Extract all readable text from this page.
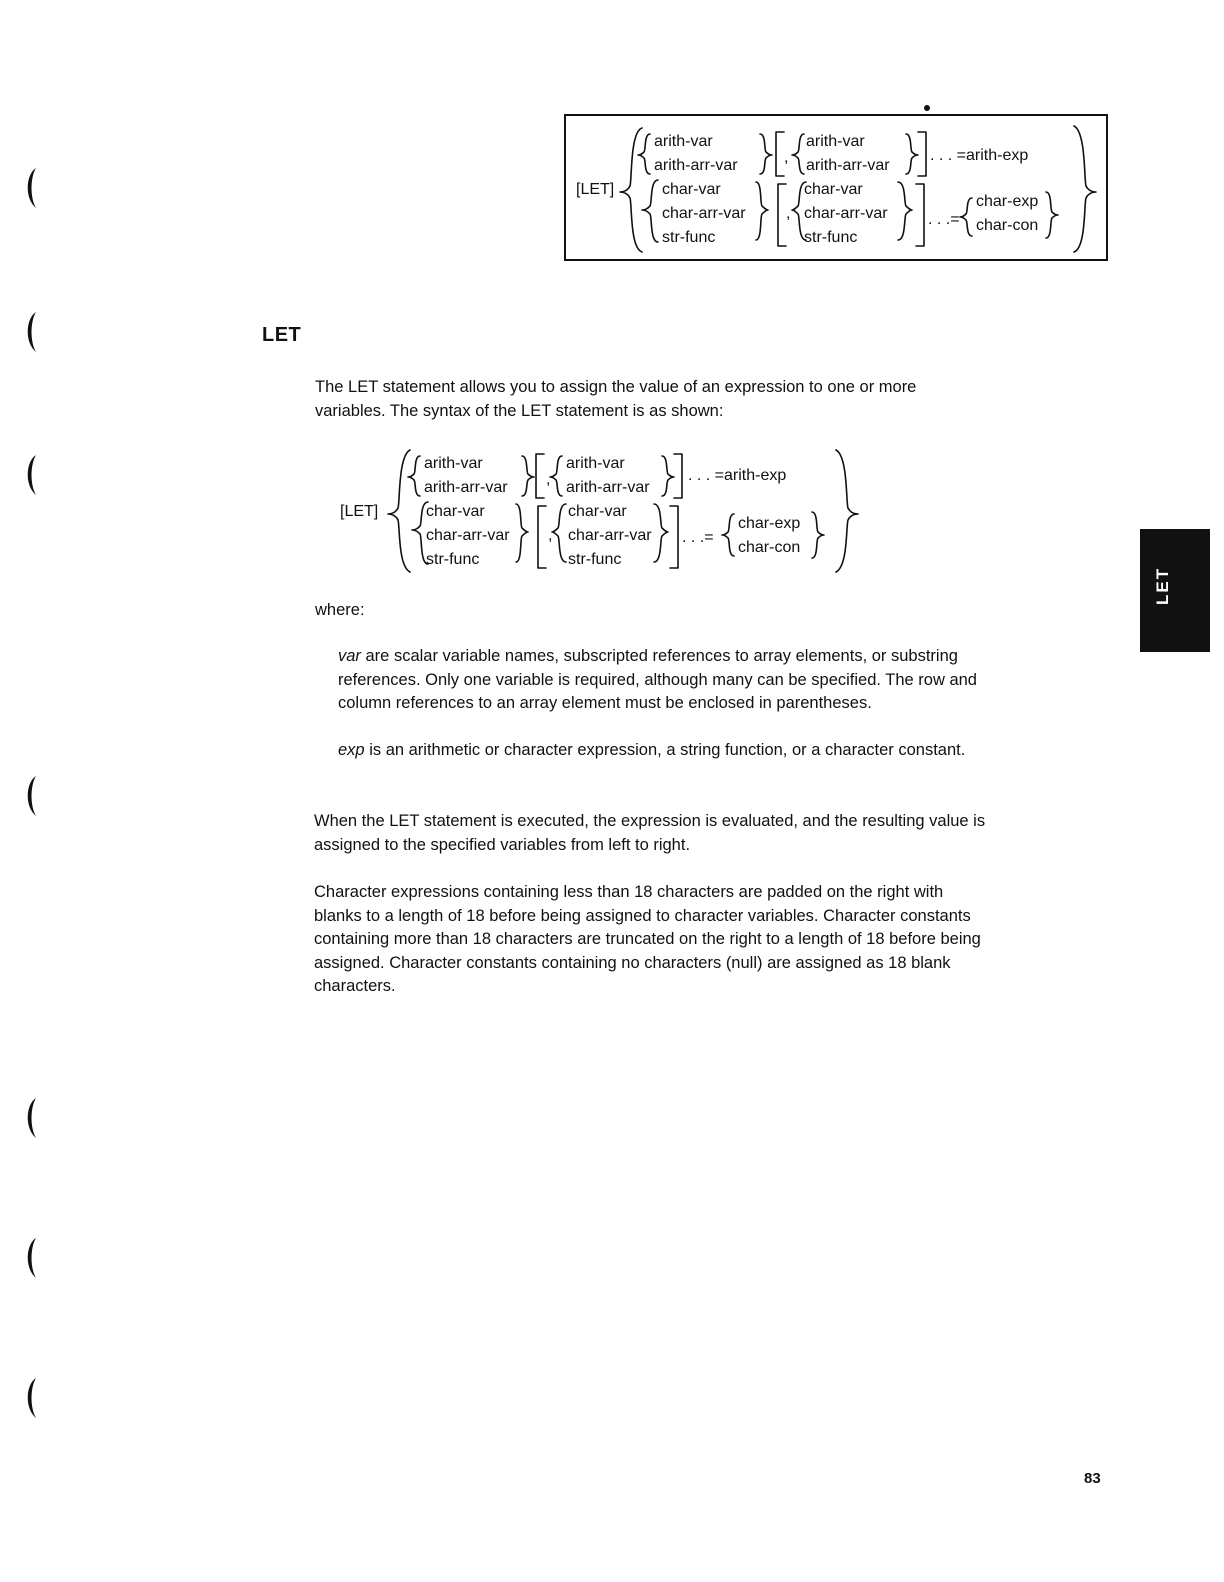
[LET]
arith-var
arith-arr-var
char-var
char-arr-var
str-func
,
arith-var
arith-arr-var
. . . =arith-exp
,
char-var
char-arr-var
str-func
. . .=
char-exp
char-con
LET
The LET statement allows you to assign the value of an expression to one or more variables. The syntax of the LET statement is as shown:
[LET]
arith-var
arith-arr-var
char-var
char-arr-var
str-func
,
arith-var
arith-arr-var
. . . =arith-exp
,
char-var
char-arr-var
str-func
. . .=
char-exp
char-con
where:
var are scalar variable names, subscripted references to array elements, or substring references. Only one variable is required, although many can be specified. The row and column references to an array element must be enclosed in parentheses.
exp is an arithmetic or character expression, a string function, or a character constant.
When the LET statement is executed, the expression is evaluated, and the resulting value is assigned to the specified variables from left to right.
Character expressions containing less than 18 characters are padded on the right with blanks to a length of 18 before being assigned to character variables. Character constants containing more than 18 characters are truncated on the right to a length of 18 before being assigned. Character constants containing no characters (null) are assigned as 18 blank characters.
LET
83
